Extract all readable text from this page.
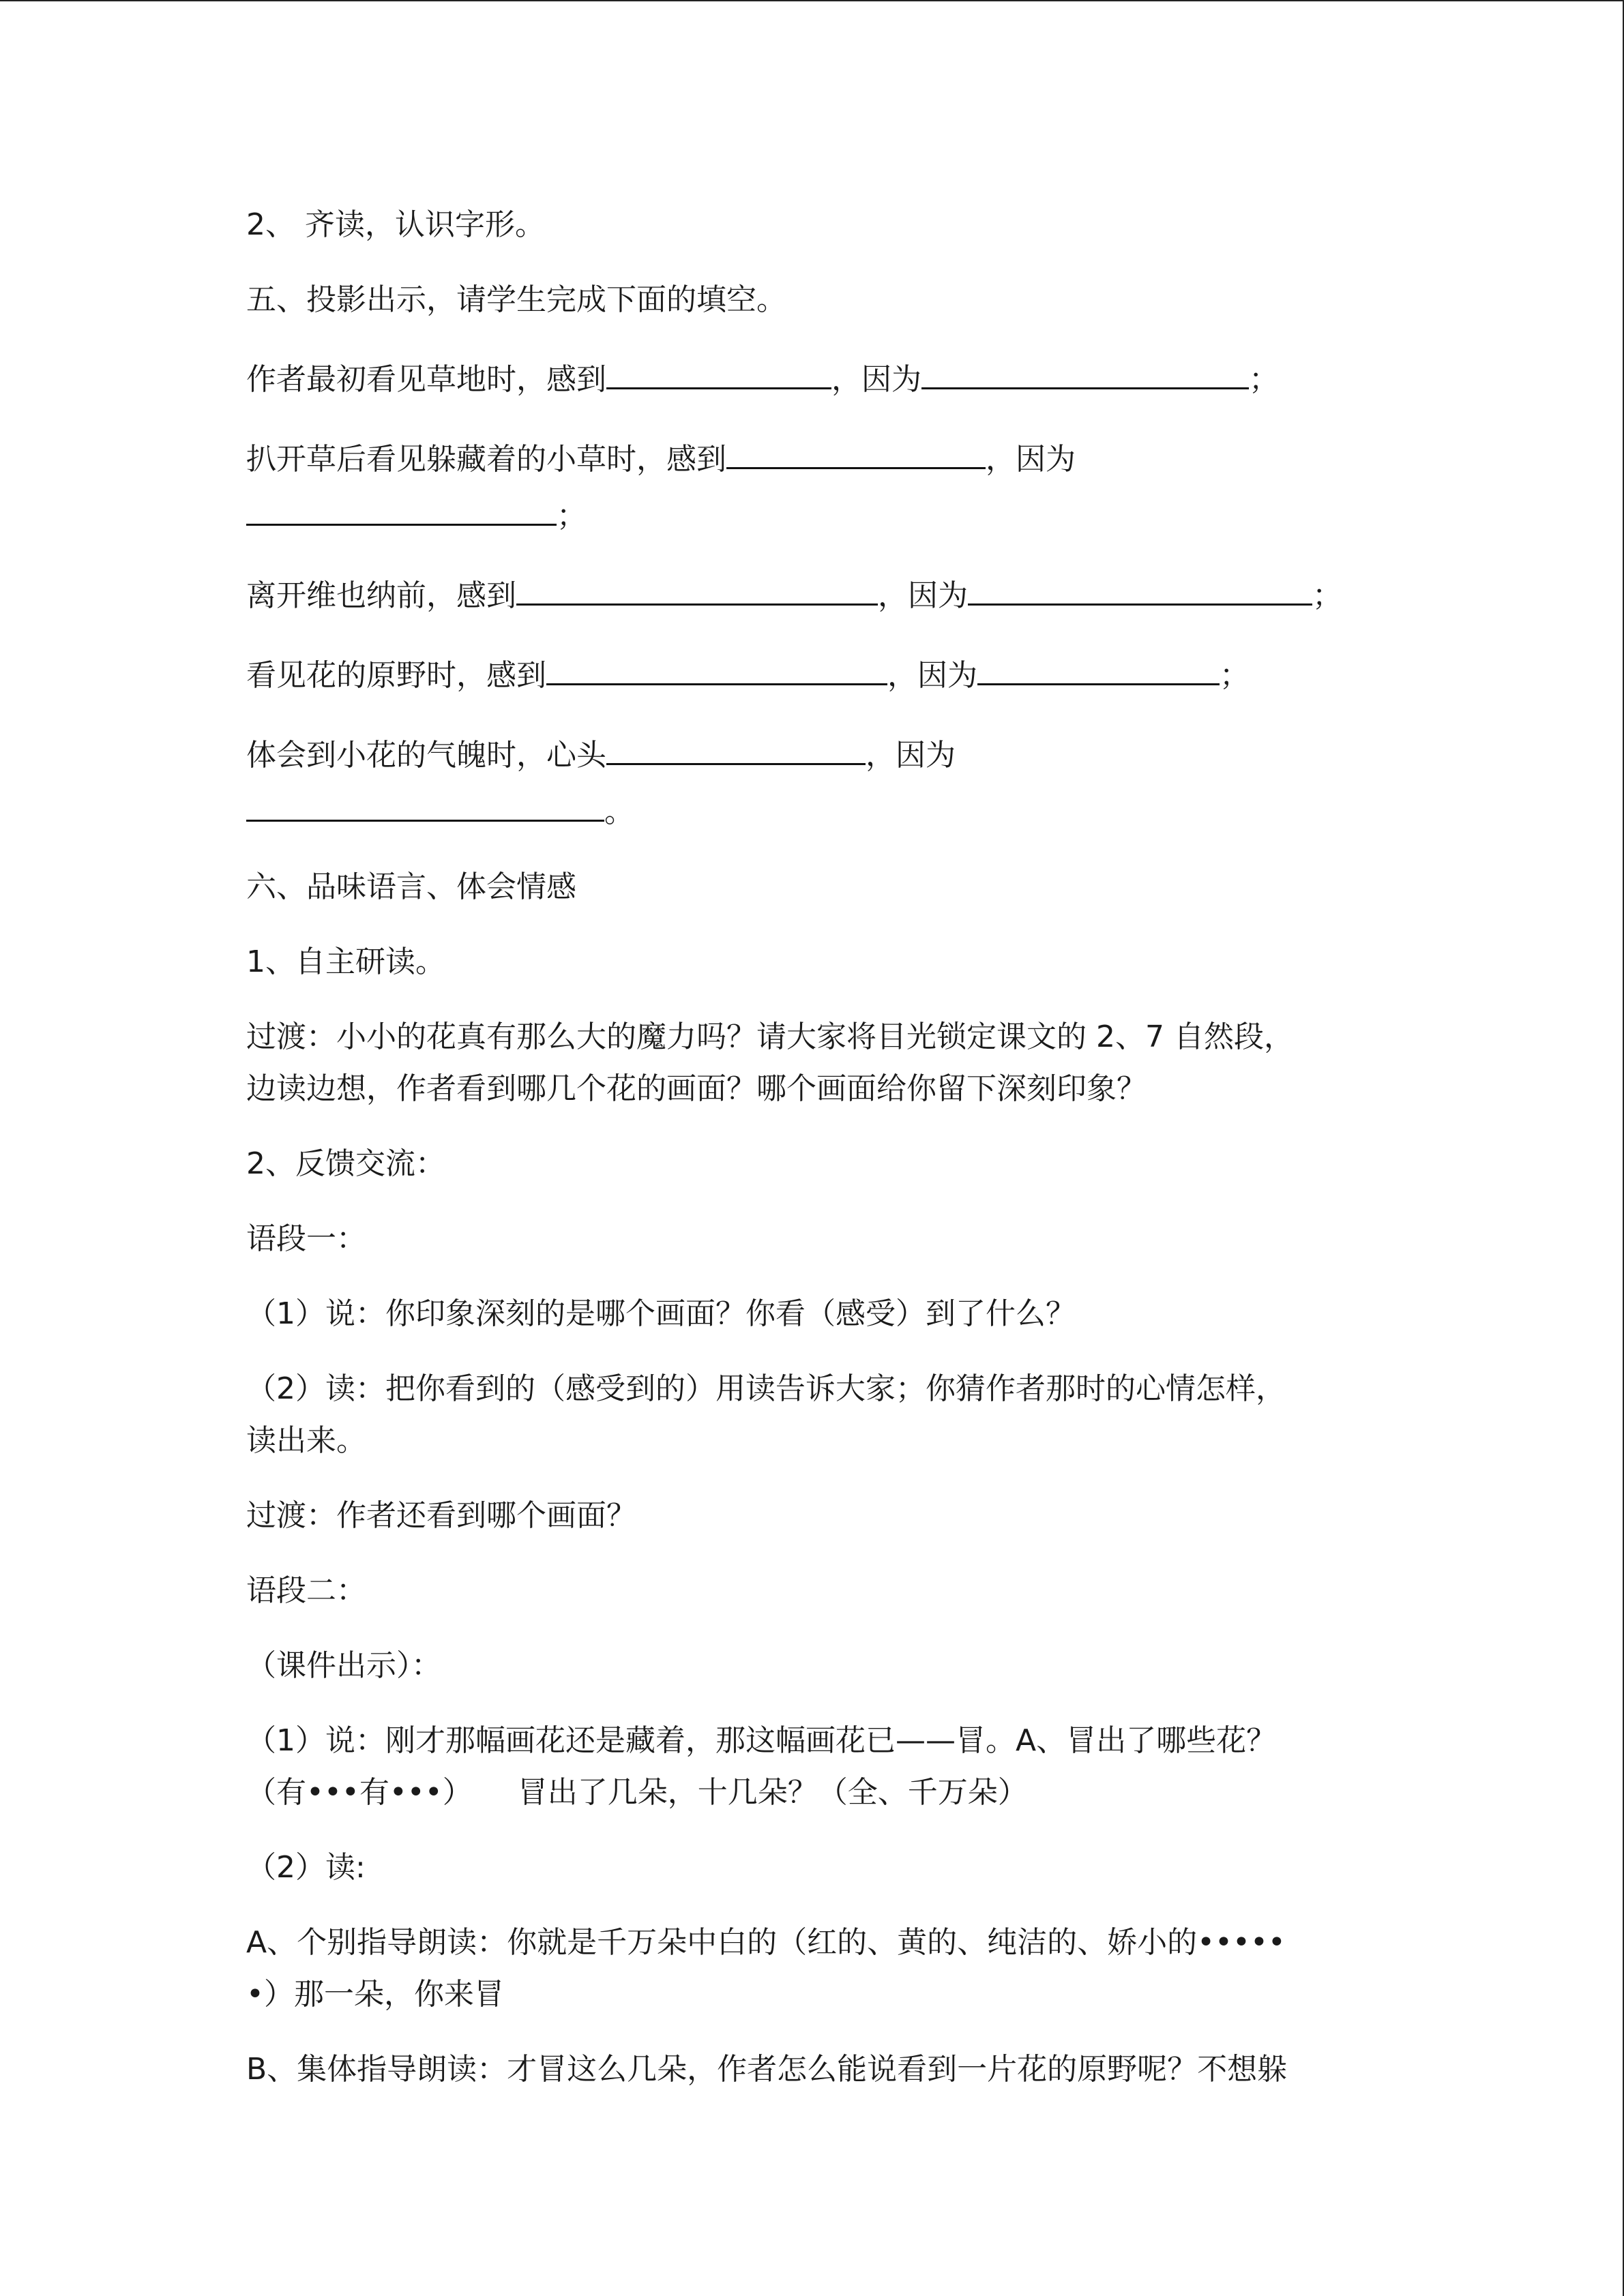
2、 齐读，认识字形。

五、投影出示，请学生完成下面的填空。

作者最初看见草地时，感到	，因为	；

扒开草后看见躲藏着的小草时，感到	，因为
；

离开维也纳前，感到	，因为	；

看见花的原野时，感到	，因为	；

体会到小花的气魄时，心头	，因为
。

六、品味语言、体会情感

1、自主研读。

过渡：小小的花真有那么大的魔力吗？请大家将目光锁定课文的 2、7 自然段，
边读边想，作者看到哪几个花的画面？哪个画面给你留下深刻印象？

2、反馈交流：

语段一：

（1）说：你印象深刻的是哪个画面？你看（感受）到了什么？

（2）读：把你看到的（感受到的）用读告诉大家；你猜作者那时的心情怎样，
读出来。

过渡：作者还看到哪个画面？

语段二：

（课件出示）：

（1）说：刚才那幅画花还是藏着，那这幅画花已——冒。A、冒出了哪些花？
（有•••有•••）　　冒出了几朵，十几朵？（全、千万朵）

（2）读:

A、个别指导朗读：你就是千万朵中白的（红的、黄的、纯洁的、娇小的•••••
•）那一朵，你来冒

B、集体指导朗读：才冒这么几朵，作者怎么能说看到一片花的原野呢？不想躲
